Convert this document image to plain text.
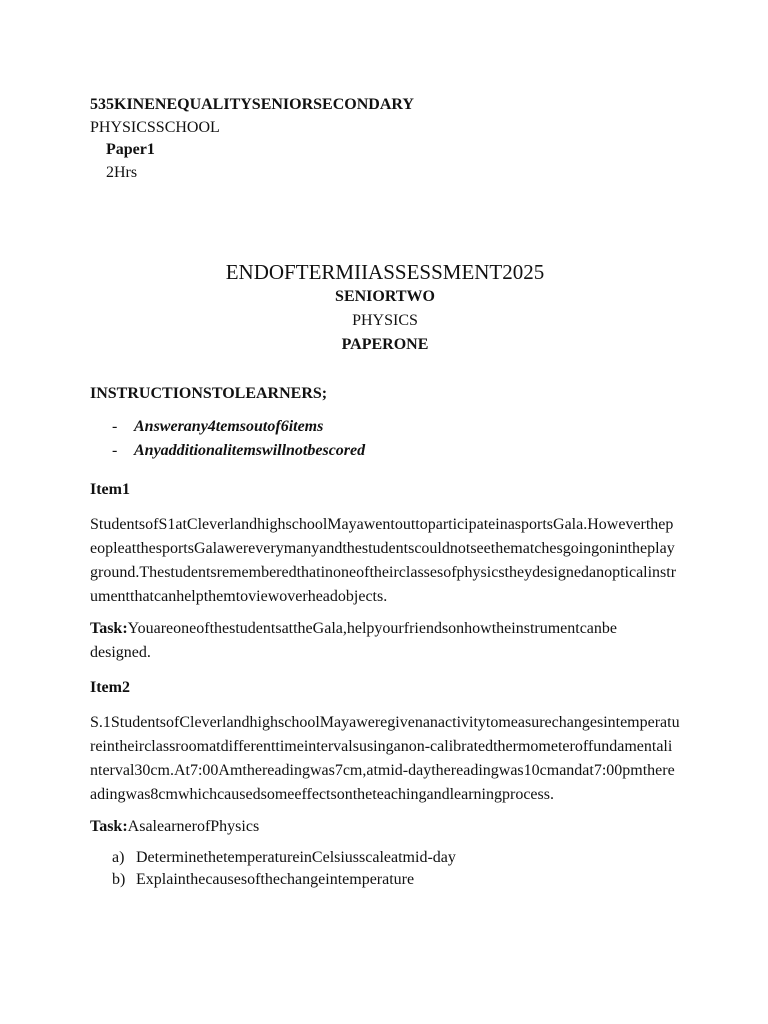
535KINENEQUALITYSENIORSECONDARY

PHYSICSSCHOOL

Paper1

2Hrs

ENDOFTERMIIASSESSMENT2025

SENIORTWO

PHYSICS

PAPERONE

INSTRUCTIONSTOLEARNERS;
- Answerany4temsoutof6items
- Anyadditionalitemswillnotbescored
Item1
StudentsofS1atCleverlandhighschoolMayawentouttoparticipateinasportsGala.HoweverthepeopleatthesportsGalawereverymanyandthestudentscouldnotseethematchesgoingonintheplayground.Thestudentsrememberedthatinoneoftheirclassesofphysicstheydesignedanopticalinstrumentthatcanhelpthemtoviewoverheadobjects.
Task:YouareoneofthestudentsattheGala,helpyourfriendsonhowtheinstrumentcanbe designed.
Item2
S.1StudentsofCleverlandhighschoolMayaweregivenanactivitytomeasurechangesintemperatureintheirclassroomatdifferenttimeintervalsusinganon-calibratedthermometeroffundamentalinterval30cm.At7:00Amthereadingwas7cm,atmid-daythereadingwas10cmandat7:00pmthereadingwas8cmwhichcausedsomeeffectsontheteachingandlearningprocess.
Task:AsalearnerofPhysics
a) DeterminethetemperatureinCelsiusscaleatmid-day
b) Explainthecausesofthechangeintemperature
